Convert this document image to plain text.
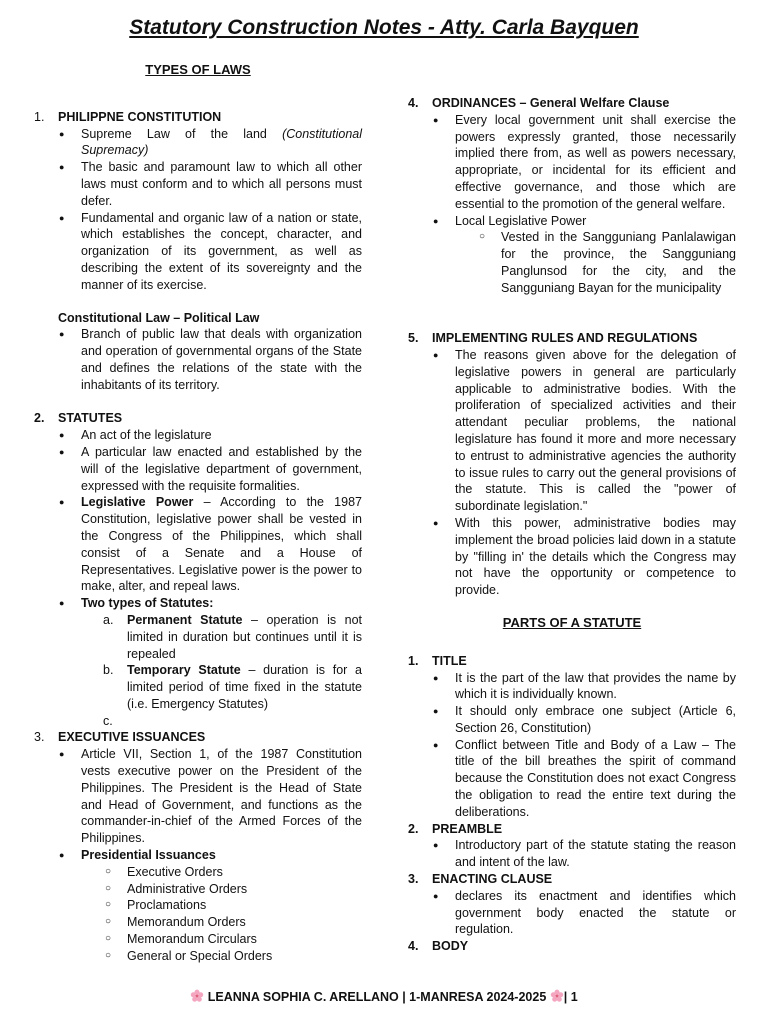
Statutory Construction Notes - Atty. Carla Bayquen
TYPES OF LAWS
1. PHILIPPNE CONSTITUTION
● Supreme Law of the land (Constitutional Supremacy)
● The basic and paramount law to which all other laws must conform and to which all persons must defer.
● Fundamental and organic law of a nation or state, which establishes the concept, character, and organization of its government, as well as describing the extent of its sovereignty and the manner of its exercise.
Constitutional Law – Political Law
● Branch of public law that deals with organization and operation of governmental organs of the State and defines the relations of the state with the inhabitants of its territory.
2. STATUTES
● An act of the legislature
● A particular law enacted and established by the will of the legislative department of government, expressed with the requisite formalities.
● Legislative Power – According to the 1987 Constitution, legislative power shall be vested in the Congress of the Philippines, which shall consist of a Senate and a House of Representatives. Legislative power is the power to make, alter, and repeal laws.
● Two types of Statutes:
a. Permanent Statute – operation is not limited in duration but continues until it is repealed
b. Temporary Statute – duration is for a limited period of time fixed in the statute (i.e. Emergency Statutes)
c.

3. EXECUTIVE ISSUANCES
● Article VII, Section 1, of the 1987 Constitution vests executive power on the President of the Philippines. The President is the Head of State and Head of Government, and functions as the commander-in-chief of the Armed Forces of the Philippines.
● Presidential Issuances
○ Executive Orders
○ Administrative Orders
○ Proclamations
○ Memorandum Orders
○ Memorandum Circulars
○ General or Special Orders
4. ORDINANCES – General Welfare Clause
● Every local government unit shall exercise the powers expressly granted, those necessarily implied there from, as well as powers necessary, appropriate, or incidental for its efficient and effective governance, and those which are essential to the promotion of the general welfare.
● Local Legislative Power
○ Vested in the Sangguniang Panlalawigan for the province, the Sangguniang Panglunsod for the city, and the Sangguniang Bayan for the municipality
5. IMPLEMENTING RULES AND REGULATIONS
● The reasons given above for the delegation of legislative powers in general are particularly applicable to administrative bodies. With the proliferation of specialized activities and their attendant peculiar problems, the national legislature has found it more and more necessary to entrust to administrative agencies the authority to issue rules to carry out the general provisions of the statute. This is called the "power of subordinate legislation."
● With this power, administrative bodies may implement the broad policies laid down in a statute by "filling in' the details which the Congress may not have the opportunity or competence to provide.
PARTS OF A STATUTE
1. TITLE
● It is the part of the law that provides the name by which it is individually known.
● It should only embrace one subject (Article 6, Section 26, Constitution)
● Conflict between Title and Body of a Law – The title of the bill breathes the spirit of command because the Constitution does not exact Congress the obligation to read the entire text during the deliberations.
2. PREAMBLE
● Introductory part of the statute stating the reason and intent of the law.
3. ENACTING CLAUSE
● declares its enactment and identifies which government body enacted the statute or regulation.
4. BODY
LEANNA SOPHIA C. ARELLANO | 1-MANRESA 2024-2025 | 1
